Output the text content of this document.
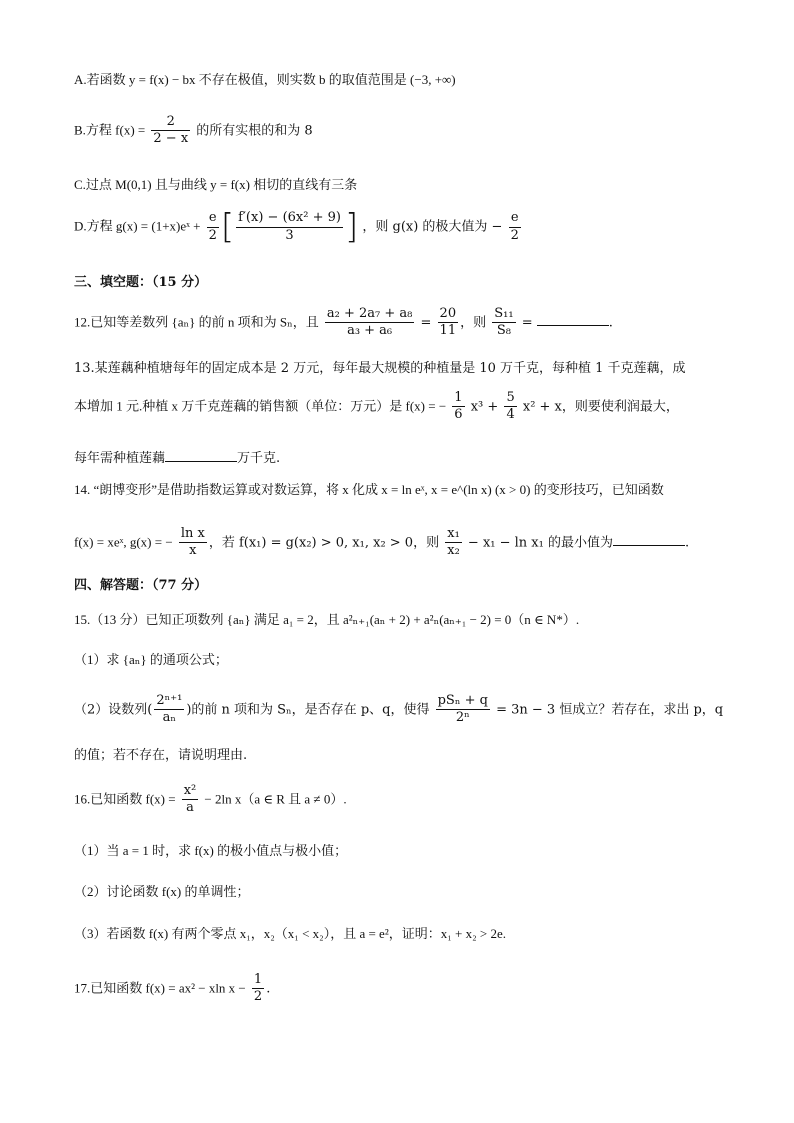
A.若函数 y = f(x) − bx 不存在极值，则实数 b 的取值范围是 (−3, +∞)
B.方程 $f(x) = \frac{2}{2 - x}$ 的所有实根的和为 8
C.过点 M(0,1) 且与曲线 y = f(x) 相切的直线有三条
D.方程 g(x) = (1+x)eˣ + $\frac{e}{2}$ [ $\frac{\text{f′(x) − (6x² + 9)}}{3}$ ] ，则 g(x) 的极大值为 − $\frac{e}{2}$
三、填空题：（15 分）
12.已知等差数列 {aₙ} 的前 n 项和为 Sₙ，且 $\frac{\text{a₂ + 2a₇ + a₈}}{\text{a₃ + a₆}} = \frac{20}{11}$ ，则 $\frac{\text{S₁₁}}{\text{S₈}}$ =	.
13.某莲藕种植塘每年的固定成本是 2 万元，每年最大规模的种植量是 10 万千克，每种植 1 千克莲藕，成
本增加 1 元.种植 x 万千克莲藕的销售额（单位：万元）是 f(x) = − $\frac{1}{6} x^3 + \frac{5}{4} x^2 + x$，则要使利润最大，
每年需种植莲藕	万千克.
14. “朗博变形”是借助指数运算或对数运算，将 x 化成 x = ln eˣ, x = e^(ln x) (x > 0) 的变形技巧，已知函数
f(x) = xeˣ, g(x) = − $\frac{\text{ln x}}{x}$ ，若 f(x₁) = g(x₂) > 0, x₁, x₂ > 0，则 $\frac{\text{x₁}}{\text{x₂}} - x_1 - \ln x_1$ 的最小值为	.
四、解答题：（77 分）
15.（13 分）已知正项数列 {aₙ} 满足 a₁ = 2，且 a²ₙ₊₁(aₙ + 2) + a²ₙ(aₙ₊₁ − 2) = 0（n ∈ N*）.
（1）求 {aₙ} 的通项公式；
（2）设数列( $\frac{\text{2ⁿ⁺¹}}{\text{aₙ}}$ )的前 n 项和为 Sₙ，是否存在 p、q，使得 $\frac{\text{pSₙ + q}}{\text{2ⁿ}} = 3n - 3$ 恒成立？若存在，求出 p，q
的值；若不存在，请说明理由.
16.已知函数 $f(x) = \frac{\text{x²}}{a} - 2\ln$ x（a ∈ R 且 a ≠ 0）.
（1）当 a = 1 时，求 f(x) 的极小值点与极小值；
（2）讨论函数 f(x) 的单调性；
（3）若函数 f(x) 有两个零点 x₁，x₂（x₁ < x₂），且 a = e²，证明：x₁ + x₂ > 2e.
17.已知函数 f(x) = ax² − xln $x - \frac{1}{2}$ .
